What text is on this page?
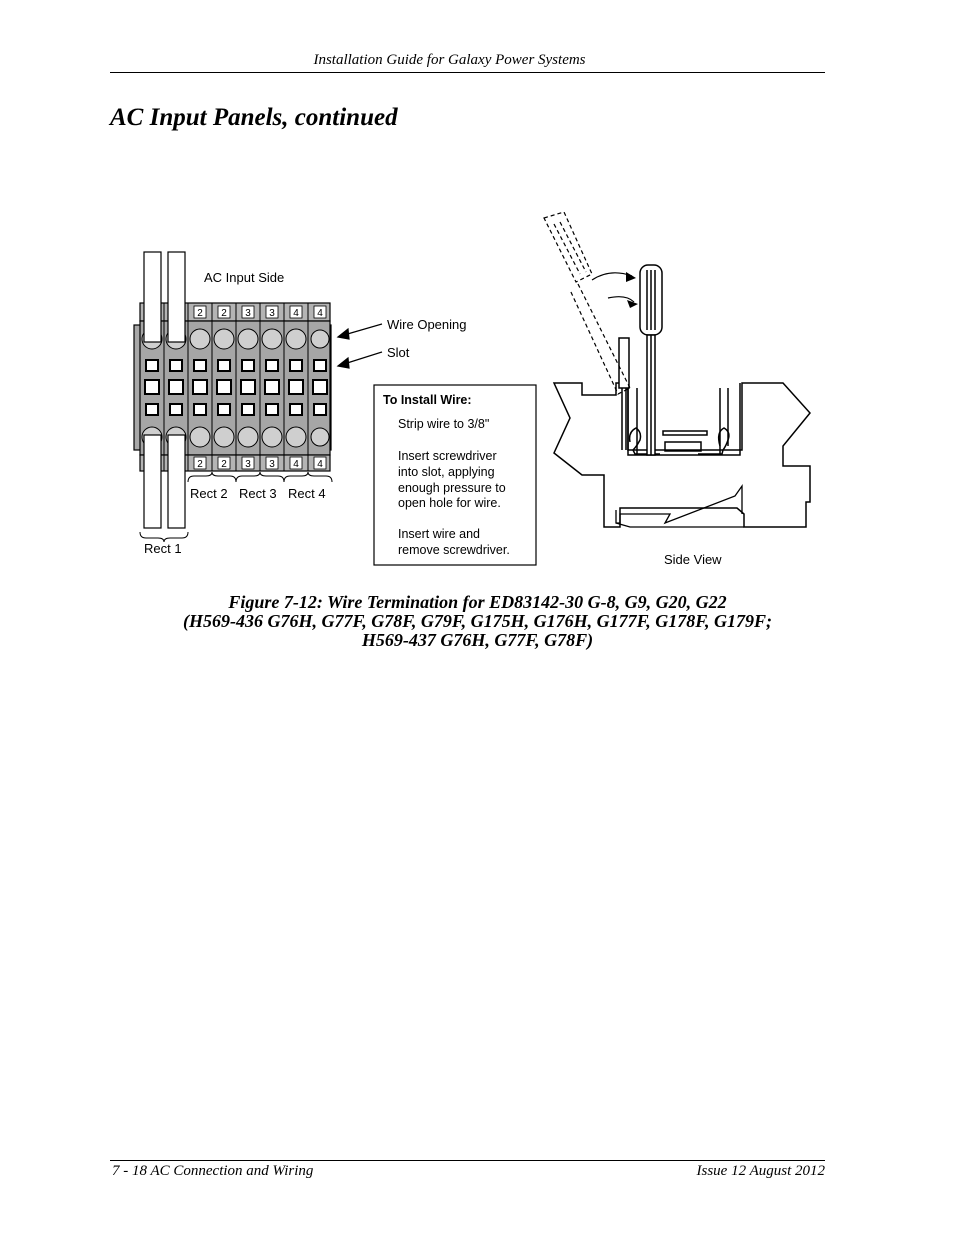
Installation Guide for Galaxy Power Systems
AC Input Panels, continued
2 2 3 3 4 4
2 2 3 3 4 4
AC Input Side
Wire Opening
Slot
Rect 2 Rect 3 Rect 4
Rect 1
To Install Wire:
Strip wire to 3/8"
Insert screwdriver
into slot, applying
enough pressure to
open hole for wire.
Insert wire and
remove screwdriver.
Side View
Figure 7-12: Wire Termination for ED83142-30 G-8, G9, G20, G22
(H569-436 G76H, G77F, G78F, G79F, G175H, G176H, G177F, G178F, G179F;
H569-437 G76H, G77F, G78F)
7 - 18 AC Connection and Wiring	Issue 12 August 2012
